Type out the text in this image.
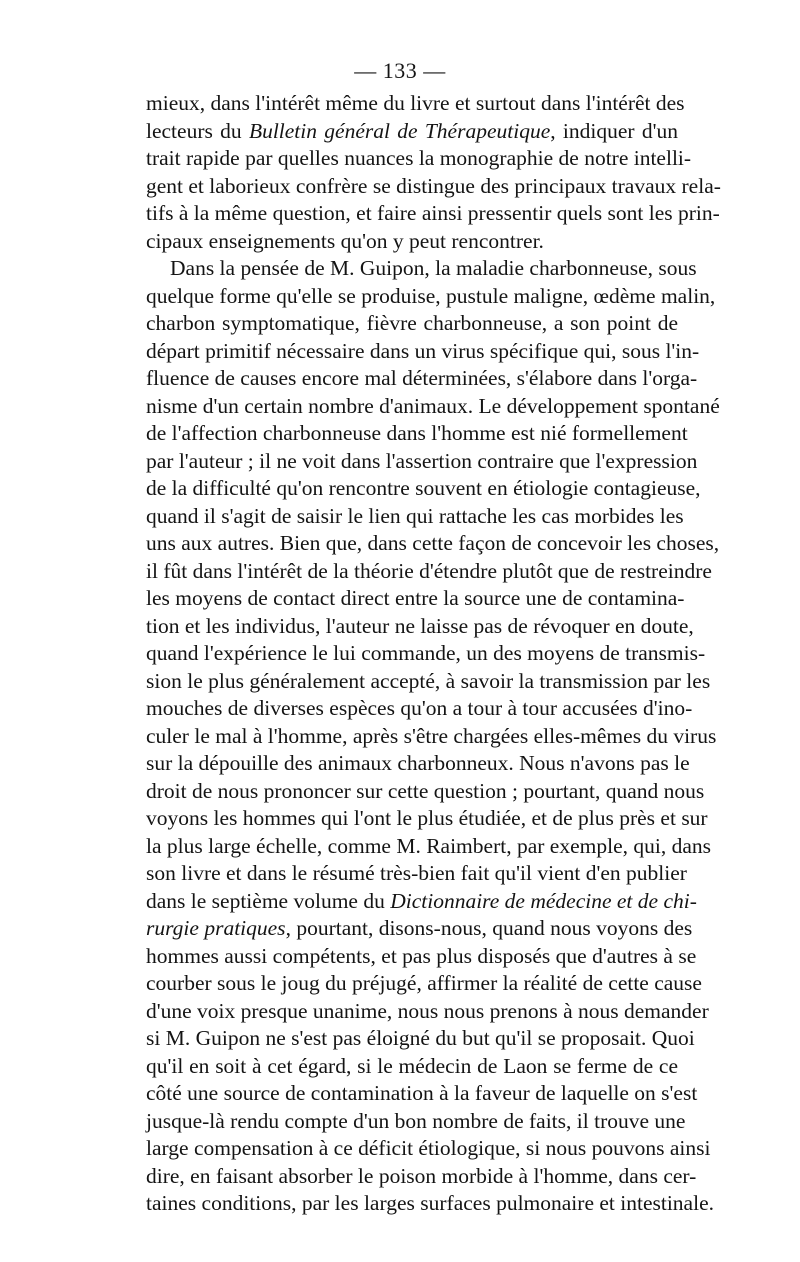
— 133 —
mieux, dans l'intérêt même du livre et surtout dans l'intérêt des
lecteurs du Bulletin général de Thérapeutique, indiquer d'un
trait rapide par quelles nuances la monographie de notre intelli-
gent et laborieux confrère se distingue des principaux travaux rela-
tifs à la même question, et faire ainsi pressentir quels sont les prin-
cipaux enseignements qu'on y peut rencontrer.
Dans la pensée de M. Guipon, la maladie charbonneuse, sous
quelque forme qu'elle se produise, pustule maligne, œdème malin,
charbon symptomatique, fièvre charbonneuse, a son point de
départ primitif nécessaire dans un virus spécifique qui, sous l'in-
fluence de causes encore mal déterminées, s'élabore dans l'orga-
nisme d'un certain nombre d'animaux. Le développement spontané
de l'affection charbonneuse dans l'homme est nié formellement
par l'auteur ; il ne voit dans l'assertion contraire que l'expression
de la difficulté qu'on rencontre souvent en étiologie contagieuse,
quand il s'agit de saisir le lien qui rattache les cas morbides les
uns aux autres. Bien que, dans cette façon de concevoir les choses,
il fût dans l'intérêt de la théorie d'étendre plutôt que de restreindre
les moyens de contact direct entre la source une de contamina-
tion et les individus, l'auteur ne laisse pas de révoquer en doute,
quand l'expérience le lui commande, un des moyens de transmis-
sion le plus généralement accepté, à savoir la transmission par les
mouches de diverses espèces qu'on a tour à tour accusées d'ino-
culer le mal à l'homme, après s'être chargées elles-mêmes du virus
sur la dépouille des animaux charbonneux. Nous n'avons pas le
droit de nous prononcer sur cette question ; pourtant, quand nous
voyons les hommes qui l'ont le plus étudiée, et de plus près et sur
la plus large échelle, comme M. Raimbert, par exemple, qui, dans
son livre et dans le résumé très-bien fait qu'il vient d'en publier
dans le septième volume du Dictionnaire de médecine et de chi-
rurgie pratiques, pourtant, disons-nous, quand nous voyons des
hommes aussi compétents, et pas plus disposés que d'autres à se
courber sous le joug du préjugé, affirmer la réalité de cette cause
d'une voix presque unanime, nous nous prenons à nous demander
si M. Guipon ne s'est pas éloigné du but qu'il se proposait. Quoi
qu'il en soit à cet égard, si le médecin de Laon se ferme de ce
côté une source de contamination à la faveur de laquelle on s'est
jusque-là rendu compte d'un bon nombre de faits, il trouve une
large compensation à ce déficit étiologique, si nous pouvons ainsi
dire, en faisant absorber le poison morbide à l'homme, dans cer-
taines conditions, par les larges surfaces pulmonaire et intestinale.
